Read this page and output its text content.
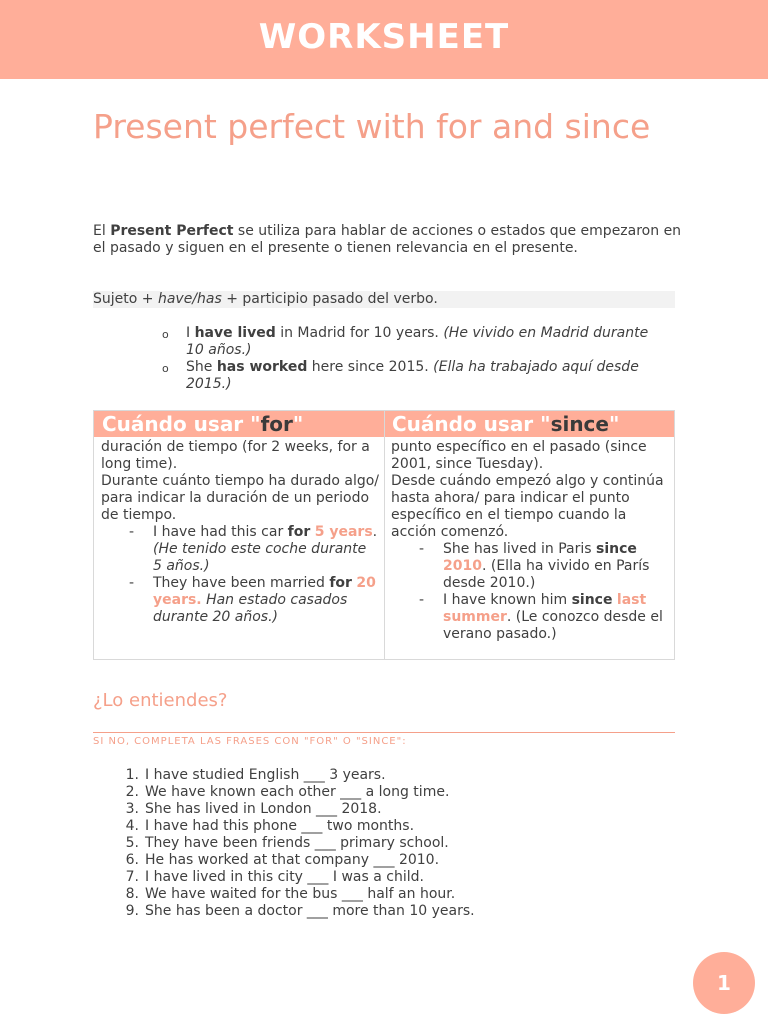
WORKSHEET
Present perfect with for and since

El Present Perfect se utiliza para hablar de acciones o estados que empezaron en el pasado y siguen en el presente o tienen relevancia en el presente.

Sujeto + have/has + participio pasado del verbo.
o I have lived in Madrid for 10 years. (He vivido en Madrid durante 10 años.)
o She has worked here since 2015. (Ella ha trabajado aquí desde 2015.)
Cuándo usar "for"	Cuándo usar "since"

duración de tiempo (for 2 weeks, for a long time).

Durante cuánto tiempo ha durado algo/ para indicar la duración de un periodo de tiempo.

- I have had this car for 5 years.
(He tenido este coche durante 5 años.)
- They have been married for 20 years. Han estado casados durante 20 años.)

punto específico en el pasado (since 2001, since Tuesday).

Desde cuándo empezó algo y continúa hasta ahora/ para indicar el punto específico en el tiempo cuando la acción comenzó.

- She has lived in Paris since 2010. (Ella ha vivido en París desde 2010.)
- I have known him since last summer. (Le conozco desde el verano pasado.)
¿Lo entiendes?
SI NO, COMPLETA LAS FRASES CON "FOR" O "SINCE":
1. I have studied English ___ 3 years.
2. We have known each other ___ a long time.
3. She has lived in London ___ 2018.
4. I have had this phone ___ two months.
5. They have been friends ___ primary school.
6. He has worked at that company ___ 2010.
7. I have lived in this city ___ I was a child.
8. We have waited for the bus ___ half an hour.
9. She has been a doctor ___ more than 10 years.
1
